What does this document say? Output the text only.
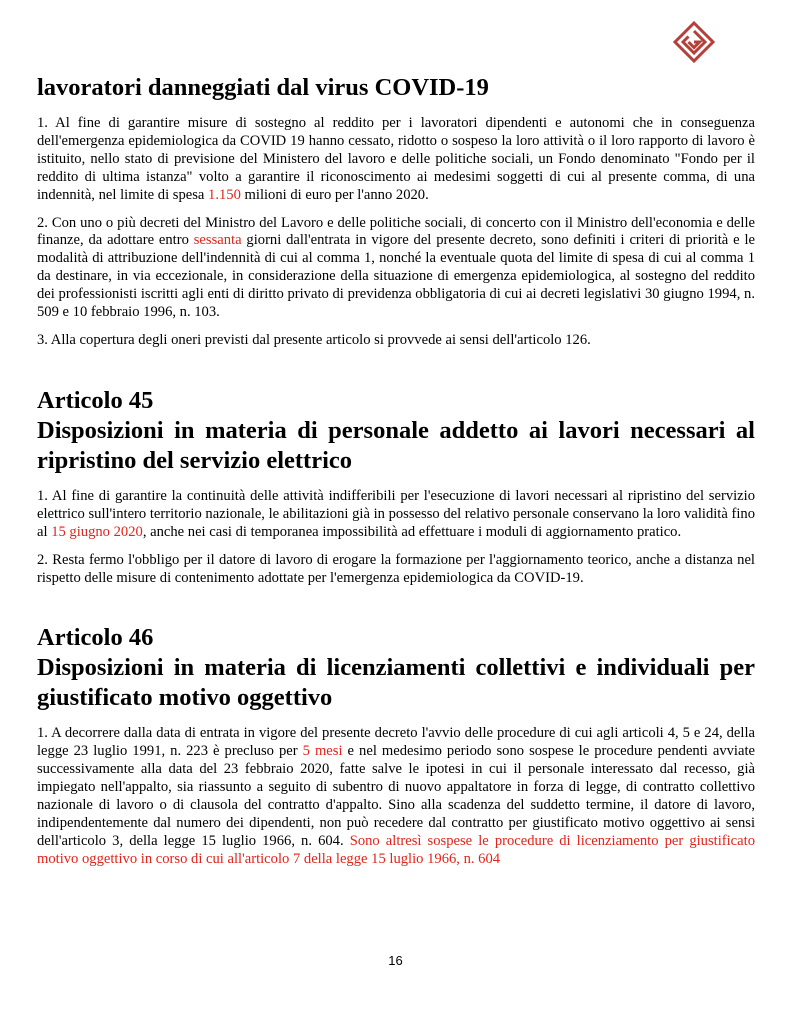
lavoratori danneggiati dal virus COVID-19

1. Al fine di garantire misure di sostegno al reddito per i lavoratori dipendenti e autonomi che in conseguenza dell'emergenza epidemiologica da COVID 19 hanno cessato, ridotto o sospeso la loro attività o il loro rapporto di lavoro è istituito, nello stato di previsione del Ministero del lavoro e delle politiche sociali, un Fondo denominato "Fondo per il reddito di ultima istanza" volto a garantire il riconoscimento ai medesimi soggetti di cui al presente comma, di una indennità, nel limite di spesa 1.150 milioni di euro per l'anno 2020.

2. Con uno o più decreti del Ministro del Lavoro e delle politiche sociali, di concerto con il Ministro dell'economia e delle finanze, da adottare entro sessanta giorni dall'entrata in vigore del presente decreto, sono definiti i criteri di priorità e le modalità di attribuzione dell'indennità di cui al comma 1, nonché la eventuale quota del limite di spesa di cui al comma 1 da destinare, in via eccezionale, in considerazione della situazione di emergenza epidemiologica, al sostegno del reddito dei professionisti iscritti agli enti di diritto privato di previdenza obbligatoria di cui ai decreti legislativi 30 giugno 1994, n. 509 e 10 febbraio 1996, n. 103.

3. Alla copertura degli oneri previsti dal presente articolo si provvede ai sensi dell'articolo 126.

Articolo 45
Disposizioni in materia di personale addetto ai lavori necessari al ripristino del servizio elettrico

1. Al fine di garantire la continuità delle attività indifferibili per l'esecuzione di lavori necessari al ripristino del servizio elettrico sull'intero territorio nazionale, le abilitazioni già in possesso del relativo personale conservano la loro validità fino al 15 giugno 2020, anche nei casi di temporanea impossibilità ad effettuare i moduli di aggiornamento pratico.

2. Resta fermo l'obbligo per il datore di lavoro di erogare la formazione per l'aggiornamento teorico, anche a distanza nel rispetto delle misure di contenimento adottate per l'emergenza epidemiologica da COVID-19.

Articolo 46
Disposizioni in materia di licenziamenti collettivi e individuali per giustificato motivo oggettivo

1. A decorrere dalla data di entrata in vigore del presente decreto l'avvio delle procedure di cui agli articoli 4, 5 e 24, della legge 23 luglio 1991, n. 223 è precluso per 5 mesi e nel medesimo periodo sono sospese le procedure pendenti avviate successivamente alla data del 23 febbraio 2020, fatte salve le ipotesi in cui il personale interessato dal recesso, già impiegato nell'appalto, sia riassunto a seguito di subentro di nuovo appaltatore in forza di legge, di contratto collettivo nazionale di lavoro o di clausola del contratto d'appalto. Sino alla scadenza del suddetto termine, il datore di lavoro, indipendentemente dal numero dei dipendenti, non può recedere dal contratto per giustificato motivo oggettivo ai sensi dell'articolo 3, della legge 15 luglio 1966, n. 604. Sono altresì sospese le procedure di licenziamento per giustificato motivo oggettivo in corso di cui all'articolo 7 della legge 15 luglio 1966, n. 604

16
